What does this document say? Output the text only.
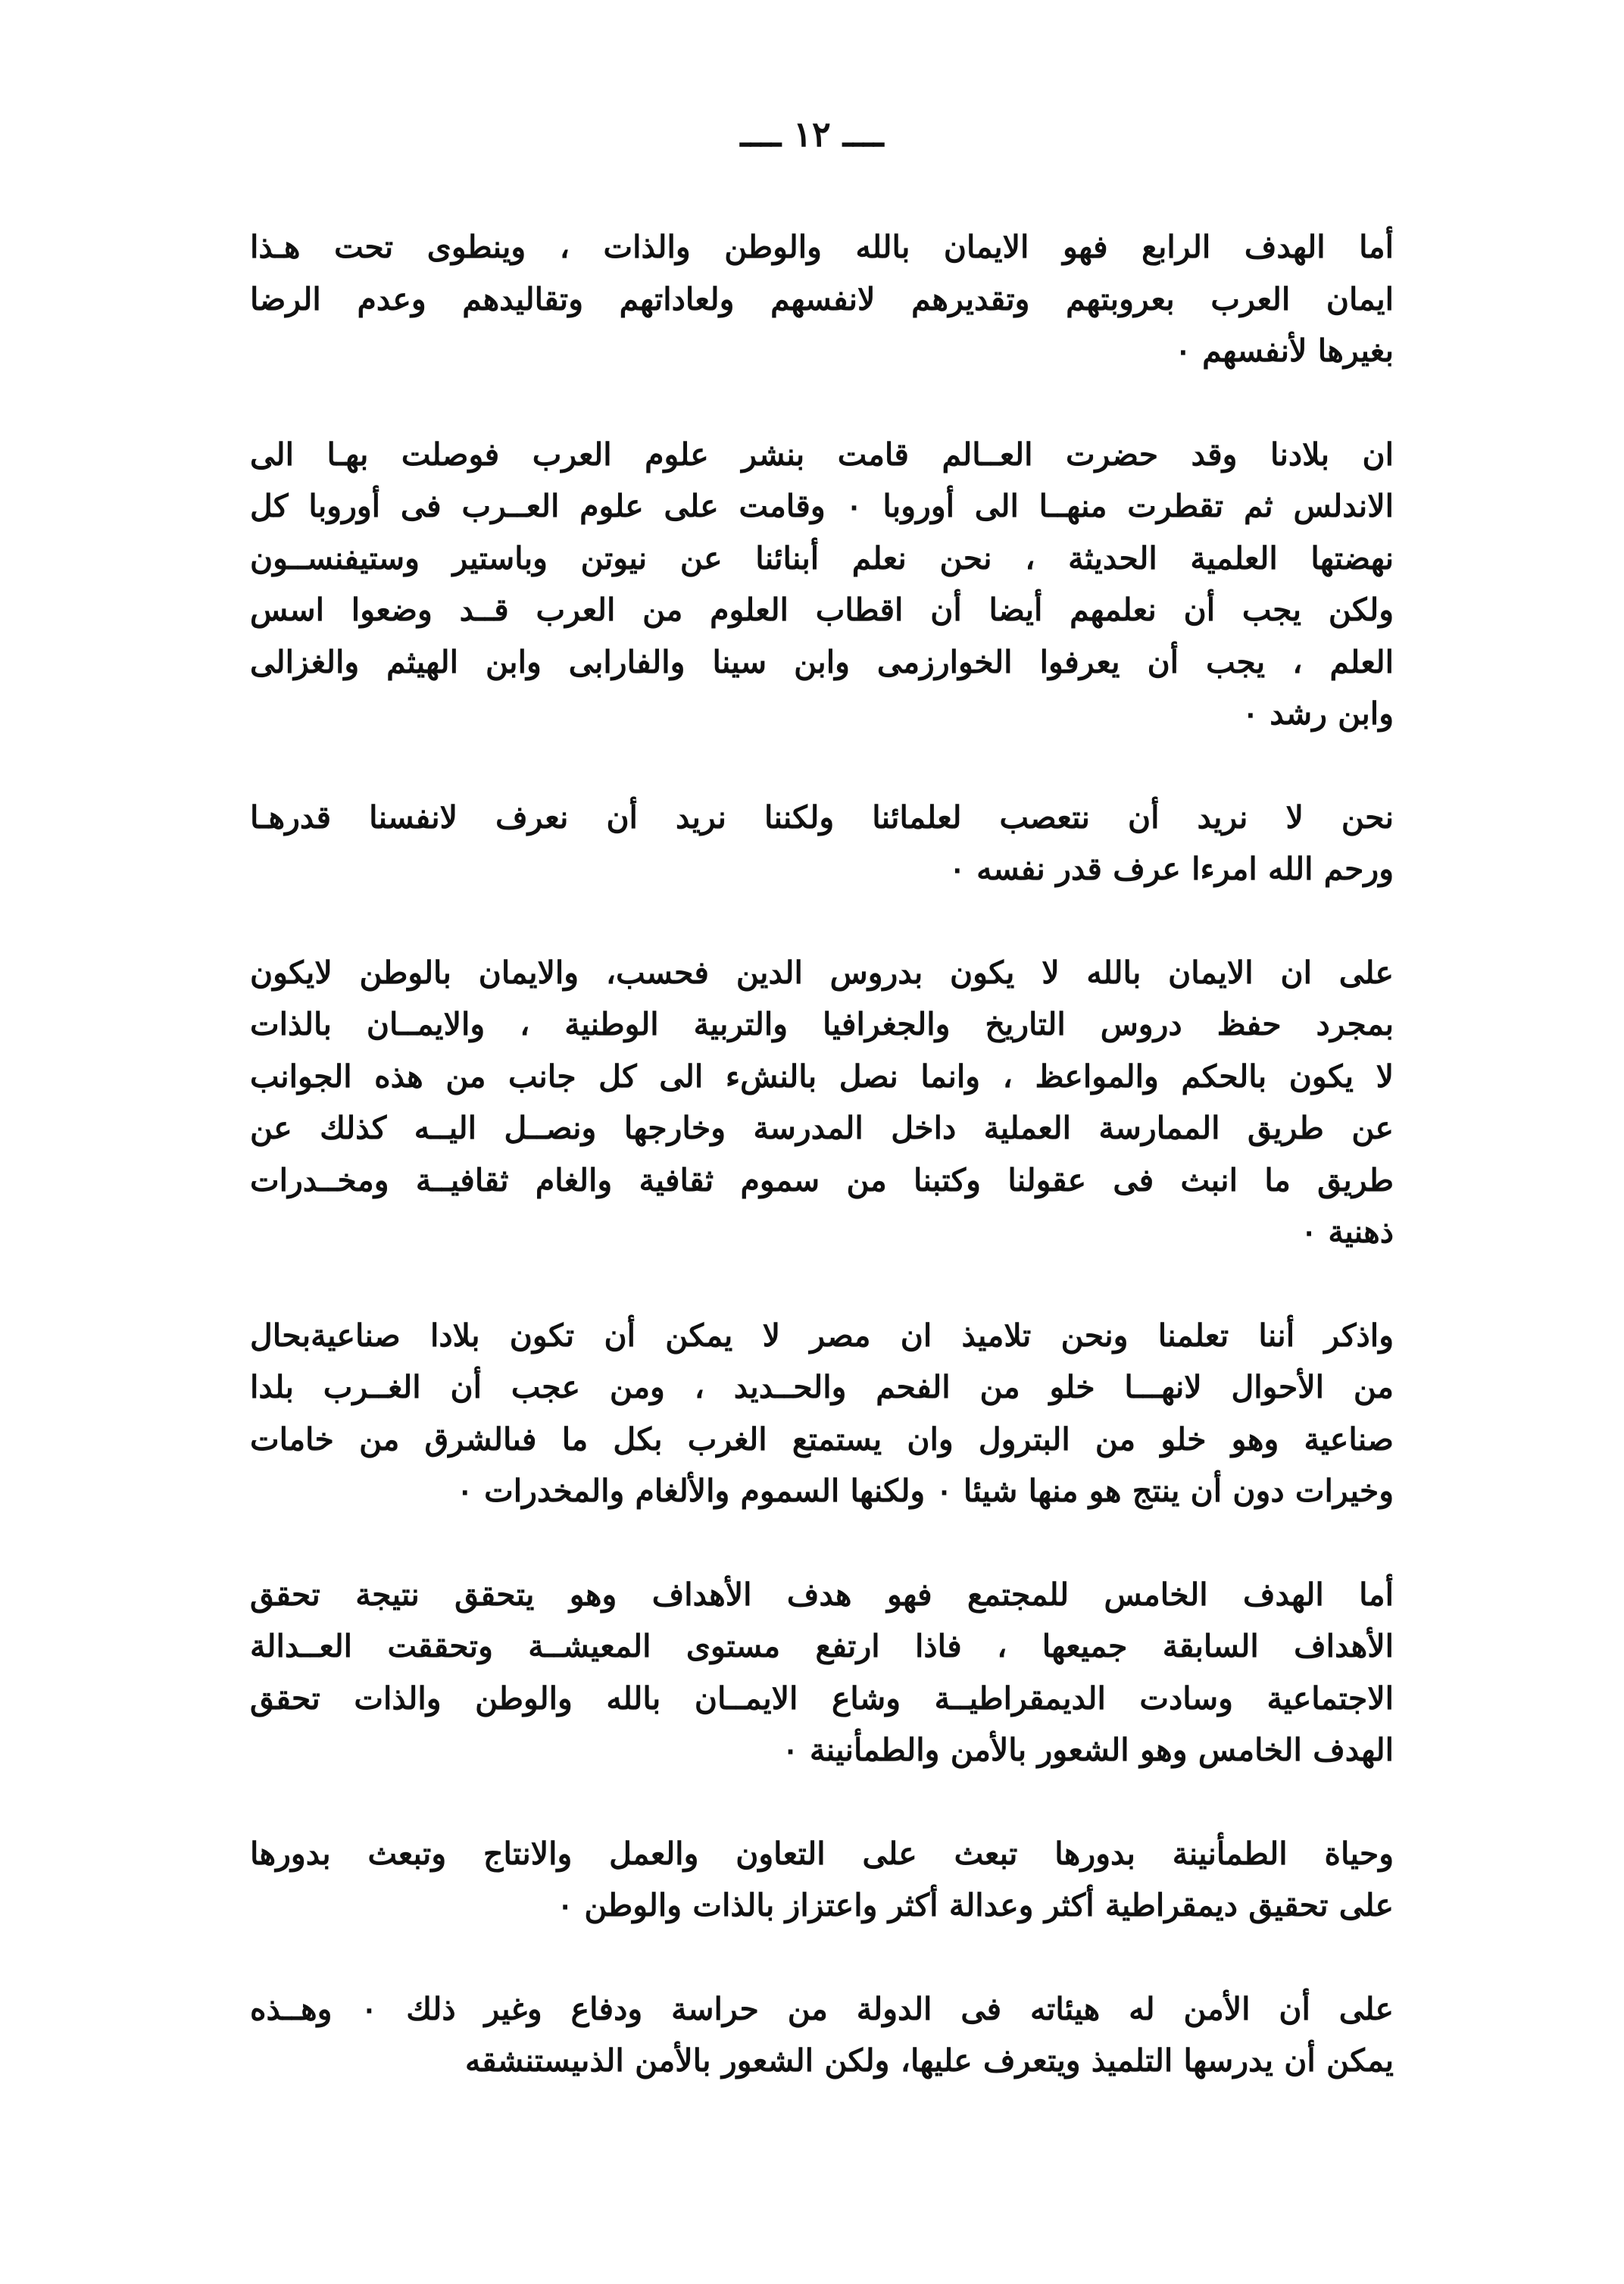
ــــ ١٢ ــــ
أما الهدف الرابع فهو الايمان بالله والوطن والذات ، وينطوى تحت هـذا
ايمان العرب بعروبتهم وتقديرهم لانفسهم ولعاداتهم وتقاليدهم وعدم الرضا
بغيرها لأنفسهم ٠
ان بلادنا وقد حضرت العــالم قامت بنشر علوم العرب فوصلت بهـا الى
الاندلس ثم تقطرت منهــا الى أوروبا ٠ وقامت على علوم العــرب فى أوروبا كل
نهضتها العلمية الحديثة ، نحن نعلم أبنائنا عن نيوتن وباستير وستيفنســون
ولكن يجب أن نعلمهم أيضا أن اقطاب العلوم من العرب قــد وضعوا اسس
العلم ، يجب أن يعرفوا الخوارزمى وابن سينا والفارابى وابن الهيثم والغزالى
وابن رشد ٠
نحن لا نريد أن نتعصب لعلمائنا ولكننا نريد أن نعرف لانفسنا قدرهـا
ورحم الله امرءا عرف قدر نفسه ٠
على ان الايمان بالله لا يكون بدروس الدين فحسب، والايمان بالوطن لايكون
بمجرد حفظ دروس التاريخ والجغرافيا والتربية الوطنية ، والايمــان بالذات
لا يكون بالحكم والمواعظ ، وانما نصل بالنشء الى كل جانب من هذه الجوانب
عن طريق الممارسة العملية داخل المدرسة وخارجها ونصــل اليــه كذلك عن
طريق ما انبث فى عقولنا وكتبنا من سموم ثقافية والغام ثقافيــة ومخــدرات
ذهنية ٠
واذكر أننا تعلمنا ونحن تلاميذ ان مصر لا يمكن أن تكون بلادا صناعيةبحال
من الأحوال لانهـــا خلو من الفحم والحــديد ، ومن عجب أن الغــرب بلدا
صناعية وهو خلو من البترول وان يستمتع الغرب بكل ما فىالشرق من خامات
وخيرات دون أن ينتج هو منها شيئا ٠ ولكنها السموم والألغام والمخدرات ٠
أما الهدف الخامس للمجتمع فهو هدف الأهداف وهو يتحقق نتيجة تحقق
الأهداف السابقة جميعها ، فاذا ارتفع مستوى المعيشــة وتحققت العــدالة
الاجتماعية وسادت الديمقراطيــة وشاع الايمــان بالله والوطن والذات تحقق
الهدف الخامس وهو الشعور بالأمن والطمأنينة ٠
وحياة الطمأنينة بدورها تبعث على التعاون والعمل والانتاج وتبعث بدورها
على تحقيق ديمقراطية أكثر وعدالة أكثر واعتزاز بالذات والوطن ٠
على أن الأمن له هيئاته فى الدولة من حراسة ودفاع وغير ذلك ٠ وهــذه
يمكن أن يدرسها التلميذ ويتعرف عليها، ولكن الشعور بالأمن الذىيستنشقه
